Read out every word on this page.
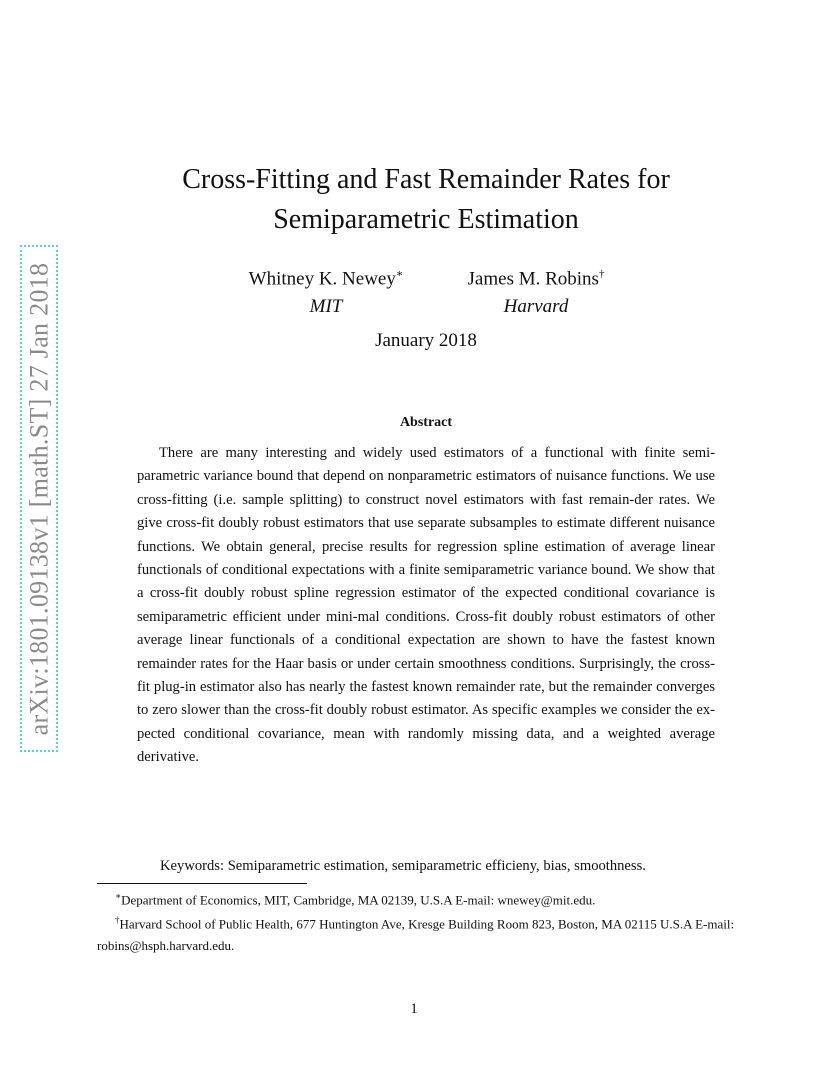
arXiv:1801.09138v1 [math.ST] 27 Jan 2018
Cross-Fitting and Fast Remainder Rates for
Semiparametric Estimation
Whitney K. Newey∗
MIT
James M. Robins†
Harvard
January 2018
Abstract

There are many interesting and widely used estimators of a functional with finite semi-parametric variance bound that depend on nonparametric estimators of nuisance functions. We use cross-fitting (i.e. sample splitting) to construct novel estimators with fast remain-der rates. We give cross-fit doubly robust estimators that use separate subsamples to estimate different nuisance functions. We obtain general, precise results for regression spline estimation of average linear functionals of conditional expectations with a finite semiparametric variance bound. We show that a cross-fit doubly robust spline regression estimator of the expected conditional covariance is semiparametric efficient under mini-mal conditions. Cross-fit doubly robust estimators of other average linear functionals of a conditional expectation are shown to have the fastest known remainder rates for the Haar basis or under certain smoothness conditions. Surprisingly, the cross-fit plug-in estimator also has nearly the fastest known remainder rate, but the remainder converges to zero slower than the cross-fit doubly robust estimator. As specific examples we consider the ex-pected conditional covariance, mean with randomly missing data, and a weighted average derivative.

Keywords: Semiparametric estimation, semiparametric efficieny, bias, smoothness.

∗Department of Economics, MIT, Cambridge, MA 02139, U.S.A E-mail: wnewey@mit.edu.

†Harvard School of Public Health, 677 Huntington Ave, Kresge Building Room 823, Boston, MA 02115 U.S.A E-mail: robins@hsph.harvard.edu.

1
